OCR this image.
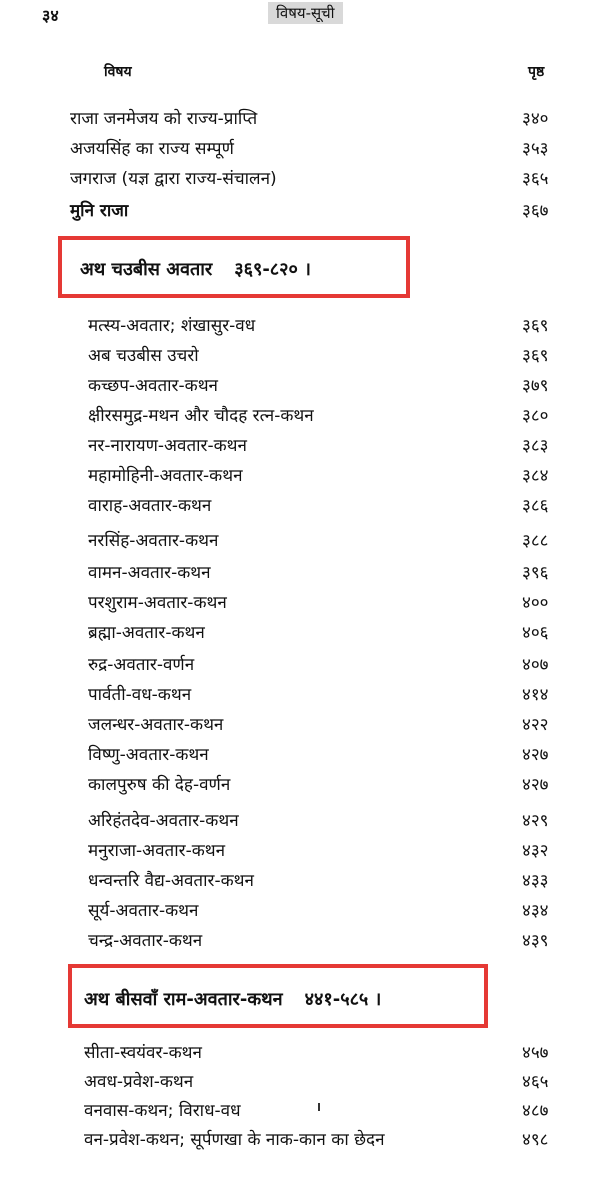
३४	विषय-सूची
विषय	पृष्ठ
राजा जनमेजय को राज्य-प्राप्ति	३४०
अजयसिंह का राज्य सम्पूर्ण	३५३
जगराज (यज्ञ द्वारा राज्य-संचालन)	३६५
मुनि राजा	३६७
अथ चउबीस अवतार ३६९-८२० ।
मत्स्य-अवतार; शंखासुर-वध	३६९
अब चउबीस उचरो	३६९
कच्छप-अवतार-कथन	३७९
क्षीरसमुद्र-मथन और चौदह रत्न-कथन	३८०
नर-नारायण-अवतार-कथन	३८३
महामोहिनी-अवतार-कथन	३८४
वाराह-अवतार-कथन	३८६
नरसिंह-अवतार-कथन	३८८
वामन-अवतार-कथन	३९६
परशुराम-अवतार-कथन	४००
ब्रह्मा-अवतार-कथन	४०६
रुद्र-अवतार-वर्णन	४०७
पार्वती-वध-कथन	४१४
जलन्धर-अवतार-कथन	४२२
विष्णु-अवतार-कथन	४२७
कालपुरुष की देह-वर्णन	४२७
अरिहंतदेव-अवतार-कथन	४२९
मनुराजा-अवतार-कथन	४३२
धन्वन्तरि वैद्य-अवतार-कथन	४३३
सूर्य-अवतार-कथन	४३४
चन्द्र-अवतार-कथन	४३९
अथ बीसवाँ राम-अवतार-कथन ४४१-५८५ ।
सीता-स्वयंवर-कथन	४५७
अवध-प्रवेश-कथन	४६५
वनवास-कथन; विराध-वध	४८७
वन-प्रवेश-कथन; सूर्पणखा के नाक-कान का छेदन	४९८
